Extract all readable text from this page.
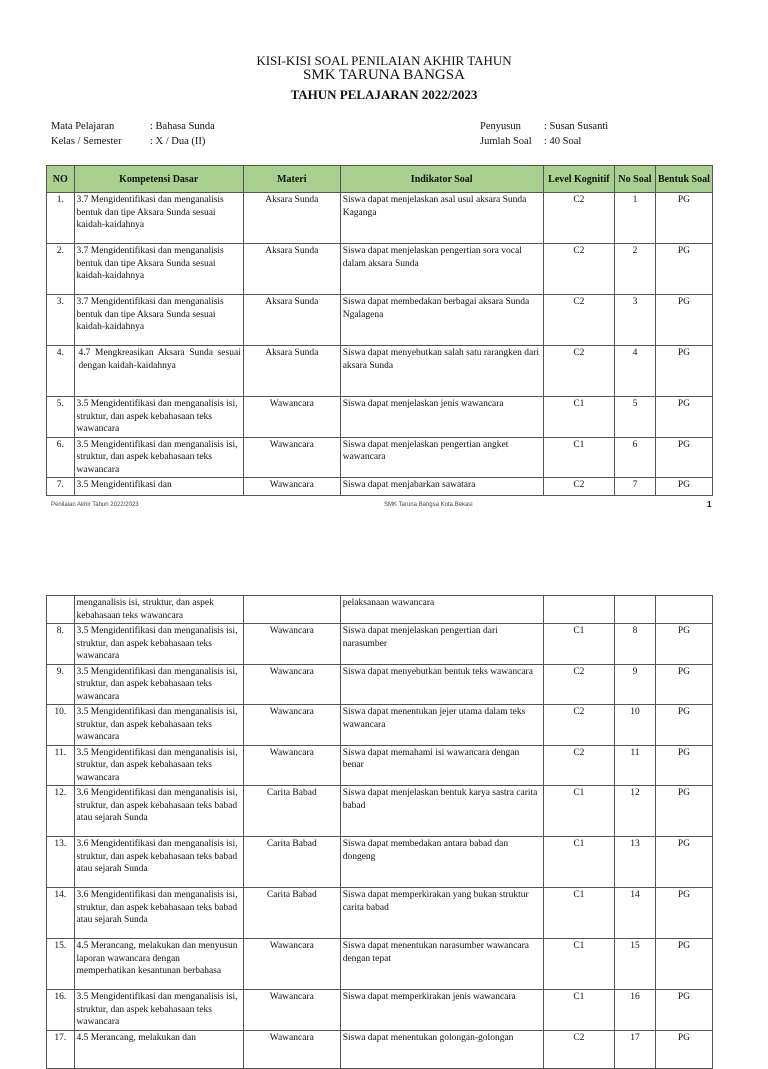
KISI-KISI SOAL PENILAIAN AKHIR TAHUN
SMK TARUNA BANGSA
TAHUN PELAJARAN 2022/2023
Mata Pelajaran	: Bahasa Sunda
Kelas / Semester	: X / Dua (II)
Penyusun : Susan Susanti
Jumlah Soal : 40 Soal
NO	Kompetensi Dasar	Materi	Indikator Soal	Level Kognitif	No Soal	Bentuk Soal
1.	3.7 Mengidentifikasi dan menganalisis bentuk dan tipe Aksara Sunda sesuai kaidah-kaidahnya	Aksara Sunda	Siswa dapat menjelaskan asal usul aksara Sunda Kaganga	C2	1	PG
2.	3.7 Mengidentifikasi dan menganalisis bentuk dan tipe Aksara Sunda sesuai kaidah-kaidahnya	Aksara Sunda	Siswa dapat menjelaskan pengertian sora vocal dalam aksara Sunda	C2	2	PG
3.	3.7 Mengidentifikasi dan menganalisis bentuk dan tipe Aksara Sunda sesuai kaidah-kaidahnya	Aksara Sunda	Siswa dapat membedakan berbagai aksara Sunda Ngalagena	C2	3	PG
4.	4.7 Mengkreasikan Aksara Sunda sesuai dengan kaidah-kaidahnya	Aksara Sunda	Siswa dapat menyebutkan salah satu rarangken dari aksara Sunda	C2	4	PG
5.	3.5 Mengidentifikasi dan menganalisis isi, struktur, dan aspek kebahasaan teks wawancara	Wawancara	Siswa dapat menjelaskan jenis wawancara	C1	5	PG
6.	3.5 Mengidentifikasi dan menganalisis isi, struktur, dan aspek kebahasaan teks wawancara	Wawancara	Siswa dapat menjelaskan pengertian angket wawancara	C1	6	PG
7.	3.5 Mengidentifikasi dan	Wawancara	Siswa dapat menjabarkan sawatara	C2	7	PG
Penilaian Akhir Tahun 2022/2023	SMK Taruna Bangsa Kota Bekasi	1
	menganalisis isi, struktur, dan aspek kebahasaan teks wawancara		pelaksanaan wawancara			
8.	3.5 Mengidentifikasi dan menganalisis isi, struktur, dan aspek kebahasaan teks wawancara	Wawancara	Siswa dapat menjelaskan pengertian dari narasumber	C1	8	PG
9.	3.5 Mengidentifikasi dan menganalisis isi, struktur, dan aspek kebahasaan teks wawancara	Wawancara	Siswa dapat menyebutkan bentuk teks wawancara	C2	9	PG
10.	3.5 Mengidentifikasi dan menganalisis isi, struktur, dan aspek kebahasaan teks wawancara	Wawancara	Siswa dapat menentukan jejer utama dalam teks wawancara	C2	10	PG
11.	3.5 Mengidentifikasi dan menganalisis isi, struktur, dan aspek kebahasaan teks wawancara	Wawancara	Siswa dapat memahami isi wawancara dengan benar	C2	11	PG
12.	3.6 Mengidentifikasi dan menganalisis isi, struktur, dan aspek kebahasaan teks babad atau sejarah Sunda	Carita Babad	Siswa dapat menjelaskan bentuk karya sastra carita babad	C1	12	PG
13.	3.6 Mengidentifikasi dan menganalisis isi, struktur, dan aspek kebahasaan teks babad atau sejarah Sunda	Carita Babad	Siswa dapat membedakan antara babad dan dongeng	C1	13	PG
14.	3.6 Mengidentifikasi dan menganalisis isi, struktur, dan aspek kebahasaan teks babad atau sejarah Sunda	Carita Babad	Siswa dapat memperkirakan yang bukan struktur carita babad	C1	14	PG
15.	4.5 Merancang, melakukan dan menyusun laporan wawancara dengan memperhatikan kesantunan berbahasa	Wawancara	Siswa dapat menentukan narasumber wawancara dengan tepat	C1	15	PG
16.	3.5 Mengidentifikasi dan menganalisis isi, struktur, dan aspek kebahasaan teks wawancara	Wawancara	Siswa dapat memperkirakan jenis wawancara	C1	16	PG
17.	4.5 Merancang, melakukan dan	Wawancara	Siswa dapat menentukan golongan-golongan	C2	17	PG
